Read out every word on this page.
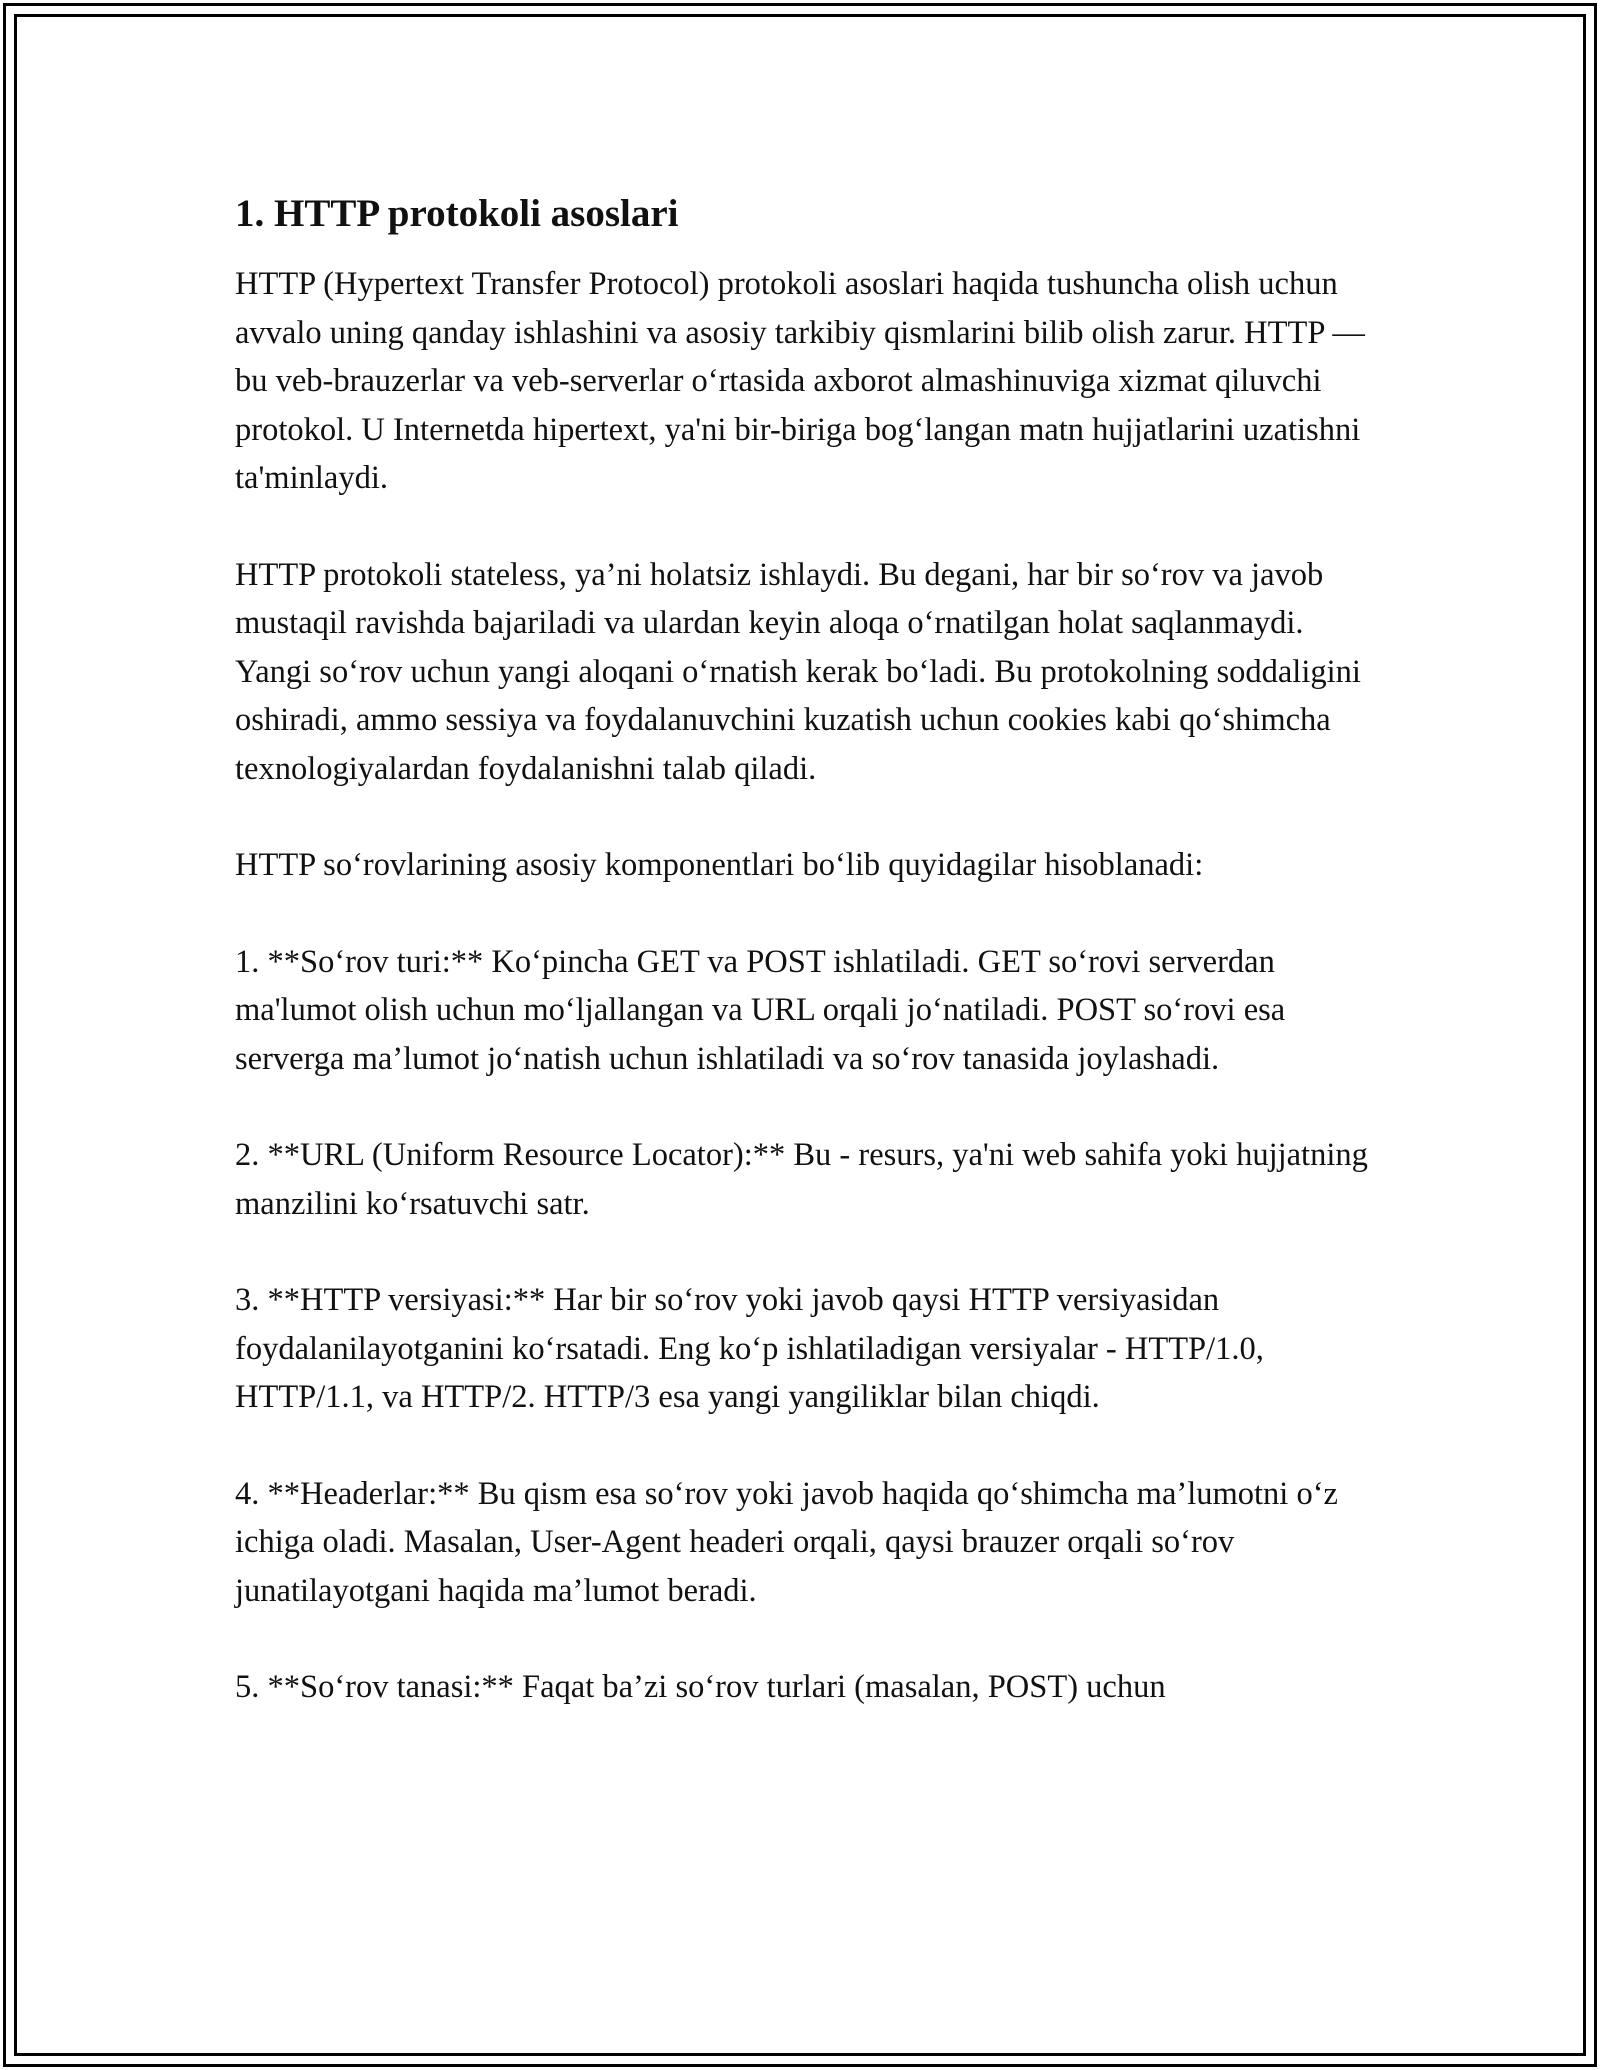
1. HTTP protokoli asoslari

HTTP (Hypertext Transfer Protocol) protokoli asoslari haqida tushuncha olish uchun avvalo uning qanday ishlashini va asosiy tarkibiy qismlarini bilib olish zarur. HTTP — bu veb-brauzerlar va veb-serverlar o‘rtasida axborot almashinuviga xizmat qiluvchi protokol. U Internetda hipertext, ya'ni bir-biriga bog‘langan matn hujjatlarini uzatishni ta'minlaydi.

HTTP protokoli stateless, ya’ni holatsiz ishlaydi. Bu degani, har bir so‘rov va javob mustaqil ravishda bajariladi va ulardan keyin aloqa o‘rnatilgan holat saqlanmaydi. Yangi so‘rov uchun yangi aloqani o‘rnatish kerak bo‘ladi. Bu protokolning soddaligini oshiradi, ammo sessiya va foydalanuvchini kuzatish uchun cookies kabi qo‘shimcha texnologiyalardan foydalanishni talab qiladi.

HTTP so‘rovlarining asosiy komponentlari bo‘lib quyidagilar hisoblanadi:

1. **So‘rov turi:** Ko‘pincha GET va POST ishlatiladi. GET so‘rovi serverdan ma'lumot olish uchun mo‘ljallangan va URL orqali jo‘natiladi. POST so‘rovi esa serverga ma’lumot jo‘natish uchun ishlatiladi va so‘rov tanasida joylashadi.

2. **URL (Uniform Resource Locator):** Bu - resurs, ya'ni web sahifa yoki hujjatning manzilini ko‘rsatuvchi satr.

3. **HTTP versiyasi:** Har bir so‘rov yoki javob qaysi HTTP versiyasidan foydalanilayotganini ko‘rsatadi. Eng ko‘p ishlatiladigan versiyalar - HTTP/1.0, HTTP/1.1, va HTTP/2. HTTP/3 esa yangi yangiliklar bilan chiqdi.

4. **Headerlar:** Bu qism esa so‘rov yoki javob haqida qo‘shimcha ma’lumotni o‘z ichiga oladi. Masalan, User-Agent headeri orqali, qaysi brauzer orqali so‘rov junatilayotgani haqida ma’lumot beradi.

5. **So‘rov tanasi:** Faqat ba’zi so‘rov turlari (masalan, POST) uchun
